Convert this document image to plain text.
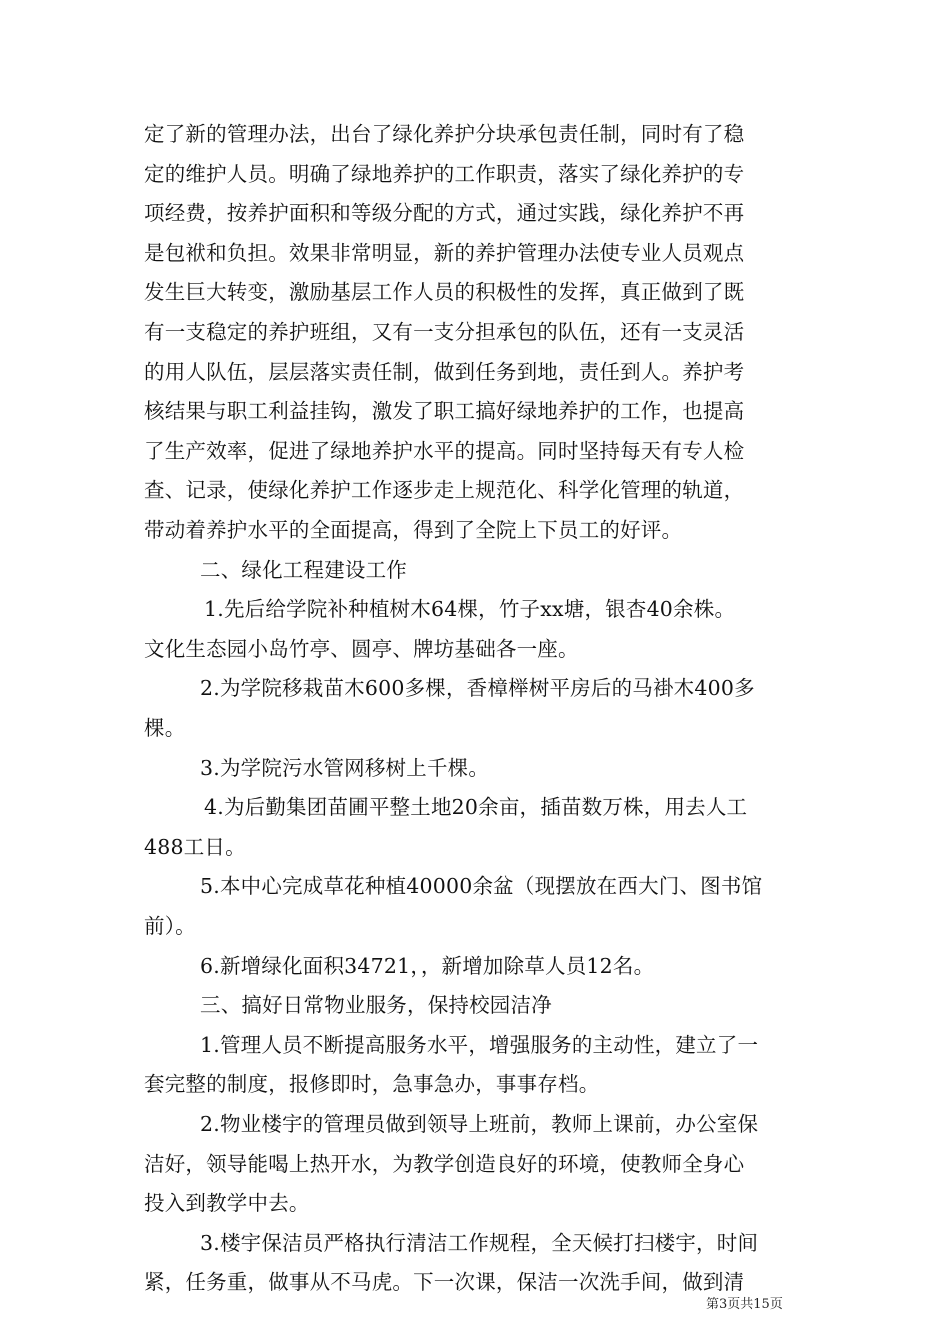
定了新的管理办法，出台了绿化养护分块承包责任制，同时有了稳
定的维护人员。明确了绿地养护的工作职责，落实了绿化养护的专
项经费，按养护面积和等级分配的方式，通过实践，绿化养护不再
是包袱和负担。效果非常明显，新的养护管理办法使专业人员观点
发生巨大转变，激励基层工作人员的积极性的发挥，真正做到了既
有一支稳定的养护班组，又有一支分担承包的队伍，还有一支灵活
的用人队伍，层层落实责任制，做到任务到地，责任到人。养护考
核结果与职工利益挂钩，激发了职工搞好绿地养护的工作，也提高
了生产效率，促进了绿地养护水平的提高。同时坚持每天有专人检
查、记录，使绿化养护工作逐步走上规范化、科学化管理的轨道，
带动着养护水平的全面提高，得到了全院上下员工的好评。
二、绿化工程建设工作
1.先后给学院补种植树木64棵，竹子xx塘，银杏40余株。
文化生态园小岛竹亭、圆亭、牌坊基础各一座。
2.为学院移栽苗木600多棵，香樟榉树平房后的马褂木400多
棵。
3.为学院污水管网移树上千棵。
4.为后勤集团苗圃平整土地20余亩，插苗数万株，用去人工
488工日。
5.本中心完成草花种植40000余盆（现摆放在西大门、图书馆
前）。
6.新增绿化面积34721，，新增加除草人员12名。
三、搞好日常物业服务，保持校园洁净
1.管理人员不断提高服务水平，增强服务的主动性，建立了一
套完整的制度，报修即时，急事急办，事事存档。
2.物业楼宇的管理员做到领导上班前，教师上课前，办公室保
洁好，领导能喝上热开水，为教学创造良好的环境，使教师全身心
投入到教学中去。
3.楼宇保洁员严格执行清洁工作规程，全天候打扫楼宇，时间
第3页共15页
紧，任务重，做事从不马虎。下一次课，保洁一次洗手间，做到清
